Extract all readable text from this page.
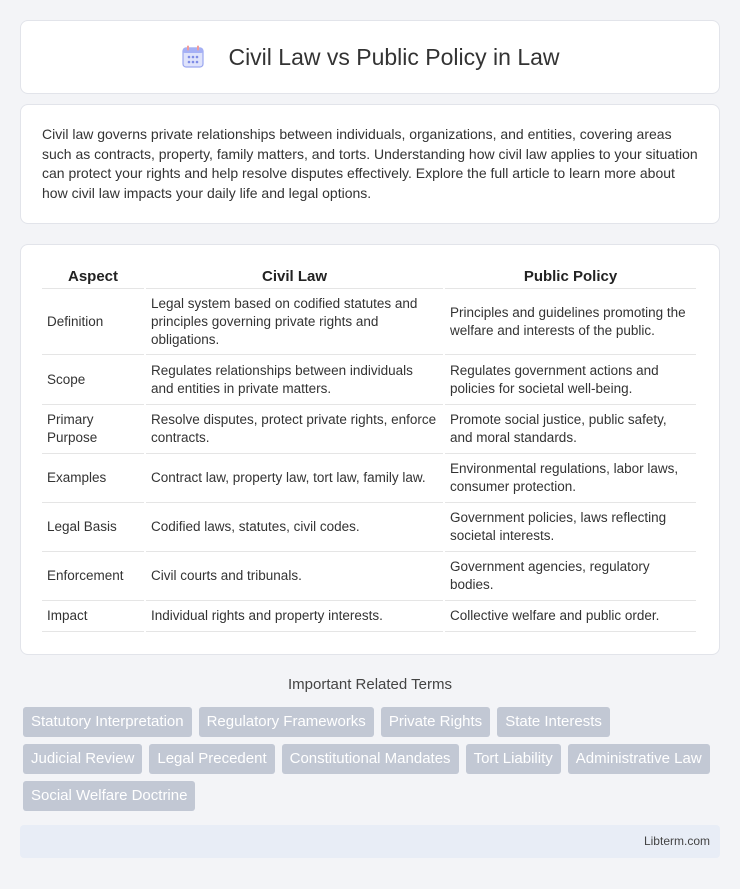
Civil Law vs Public Policy in Law

Civil law governs private relationships between individuals, organizations, and entities, covering areas such as contracts, property, family matters, and torts. Understanding how civil law applies to your situation can protect your rights and help resolve disputes effectively. Explore the full article to learn more about how civil law impacts your daily life and legal options.

Aspect	Civil Law	Public Policy
Definition	Legal system based on codified statutes and principles governing private rights and obligations.	Principles and guidelines promoting the welfare and interests of the public.
Scope	Regulates relationships between individuals and entities in private matters.	Regulates government actions and policies for societal well-being.
Primary Purpose	Resolve disputes, protect private rights, enforce contracts.	Promote social justice, public safety, and moral standards.
Examples	Contract law, property law, tort law, family law.	Environmental regulations, labor laws, consumer protection.
Legal Basis	Codified laws, statutes, civil codes.	Government policies, laws reflecting societal interests.
Enforcement	Civil courts and tribunals.	Government agencies, regulatory bodies.
Impact	Individual rights and property interests.	Collective welfare and public order.
Important Related Terms
Statutory Interpretation	Regulatory Frameworks	Private Rights	State Interests
Judicial Review	Legal Precedent	Constitutional Mandates	Tort Liability	Administrative Law
Social Welfare Doctrine
Libterm.com
